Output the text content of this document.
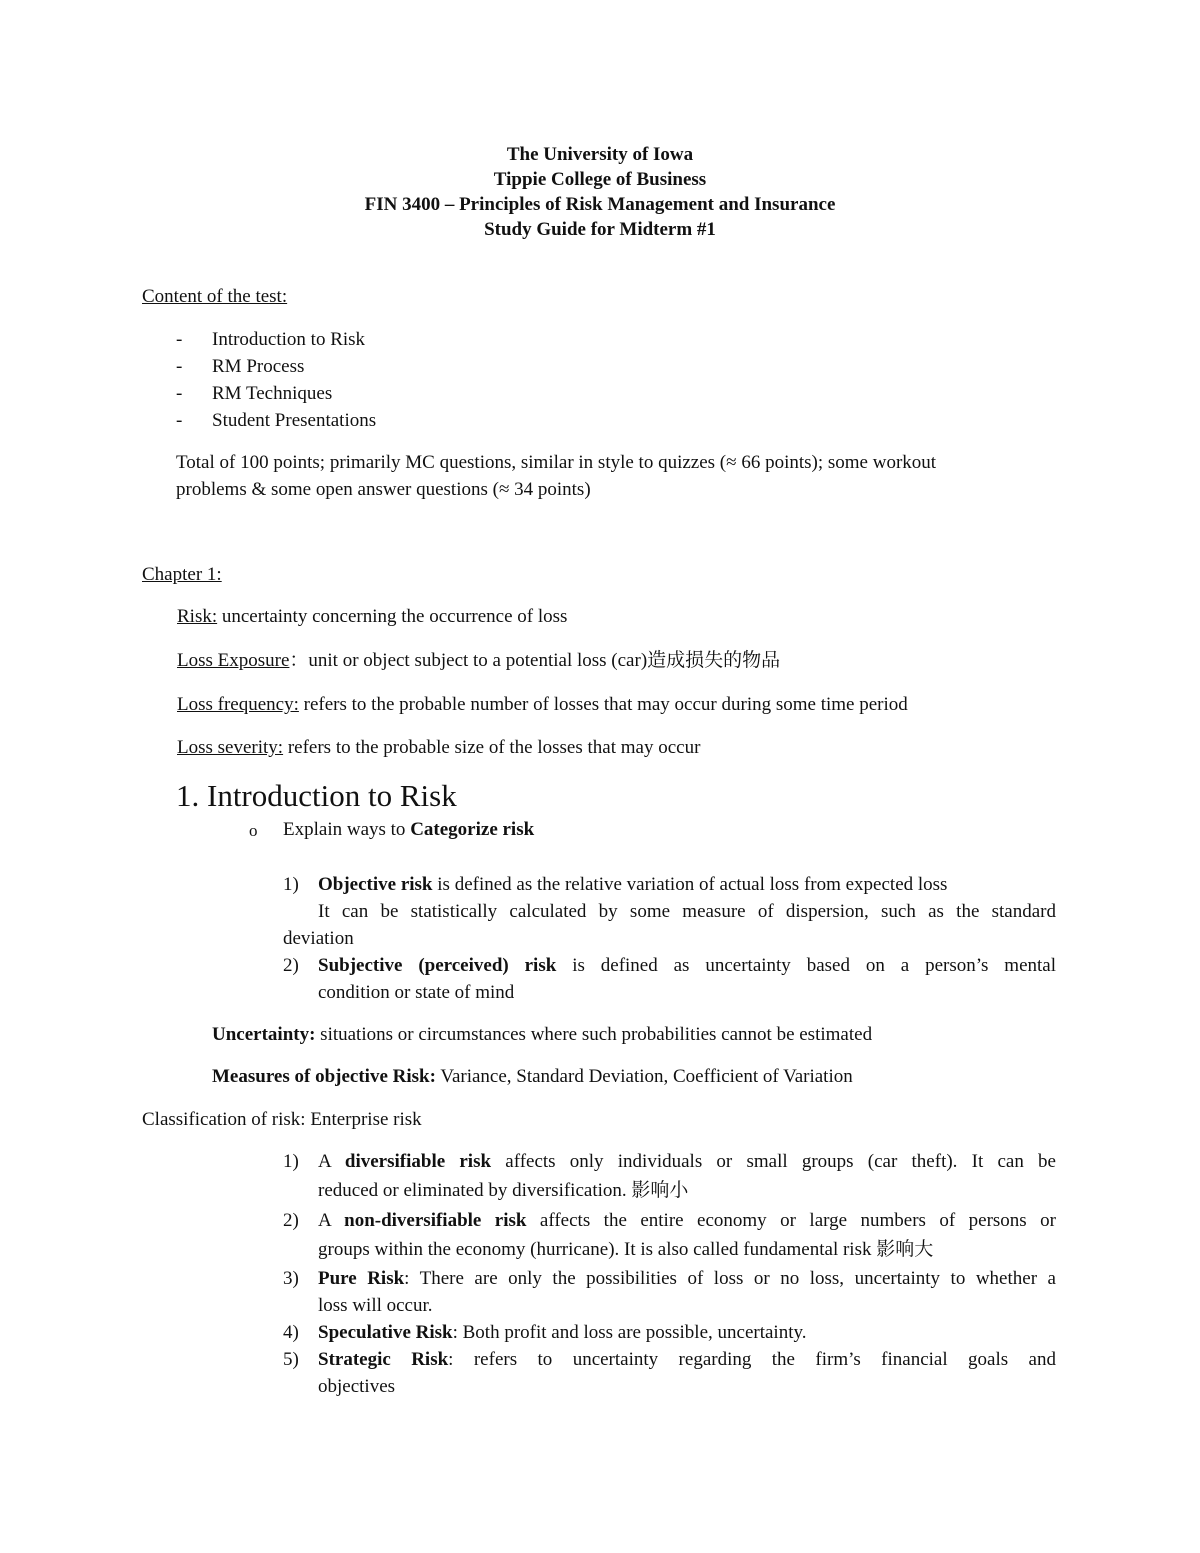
The University of Iowa
Tippie College of Business
FIN 3400 – Principles of Risk Management and Insurance
Study Guide for Midterm #1
Content of the test:
- Introduction to Risk
- RM Process
- RM Techniques
- Student Presentations
Total of 100 points; primarily MC questions, similar in style to quizzes (≈ 66 points); some workout
problems & some open answer questions (≈ 34 points)
Chapter 1:
Risk: uncertainty concerning the occurrence of loss
Loss Exposure：unit or object subject to a potential loss (car)造成损失的物品
Loss frequency: refers to the probable number of losses that may occur during some time period
Loss severity: refers to the probable size of the losses that may occur
1. Introduction to Risk
o Explain ways to Categorize risk
1) Objective risk is defined as the relative variation of actual loss from expected loss
It can be statistically calculated by some measure of dispersion, such as the standard
deviation
2) Subjective (perceived) risk is defined as uncertainty based on a person’s mental
condition or state of mind
Uncertainty: situations or circumstances where such probabilities cannot be estimated
Measures of objective Risk: Variance, Standard Deviation, Coefficient of Variation
Classification of risk: Enterprise risk
1) A diversifiable risk affects only individuals or small groups (car theft). It can be
reduced or eliminated by diversification. 影响小
2) A non-diversifiable risk affects the entire economy or large numbers of persons or
groups within the economy (hurricane). It is also called fundamental risk 影响大
3) Pure Risk: There are only the possibilities of loss or no loss, uncertainty to whether a
loss will occur.
4) Speculative Risk: Both profit and loss are possible, uncertainty.
5) Strategic Risk: refers to uncertainty regarding the firm’s financial goals and
objectives
